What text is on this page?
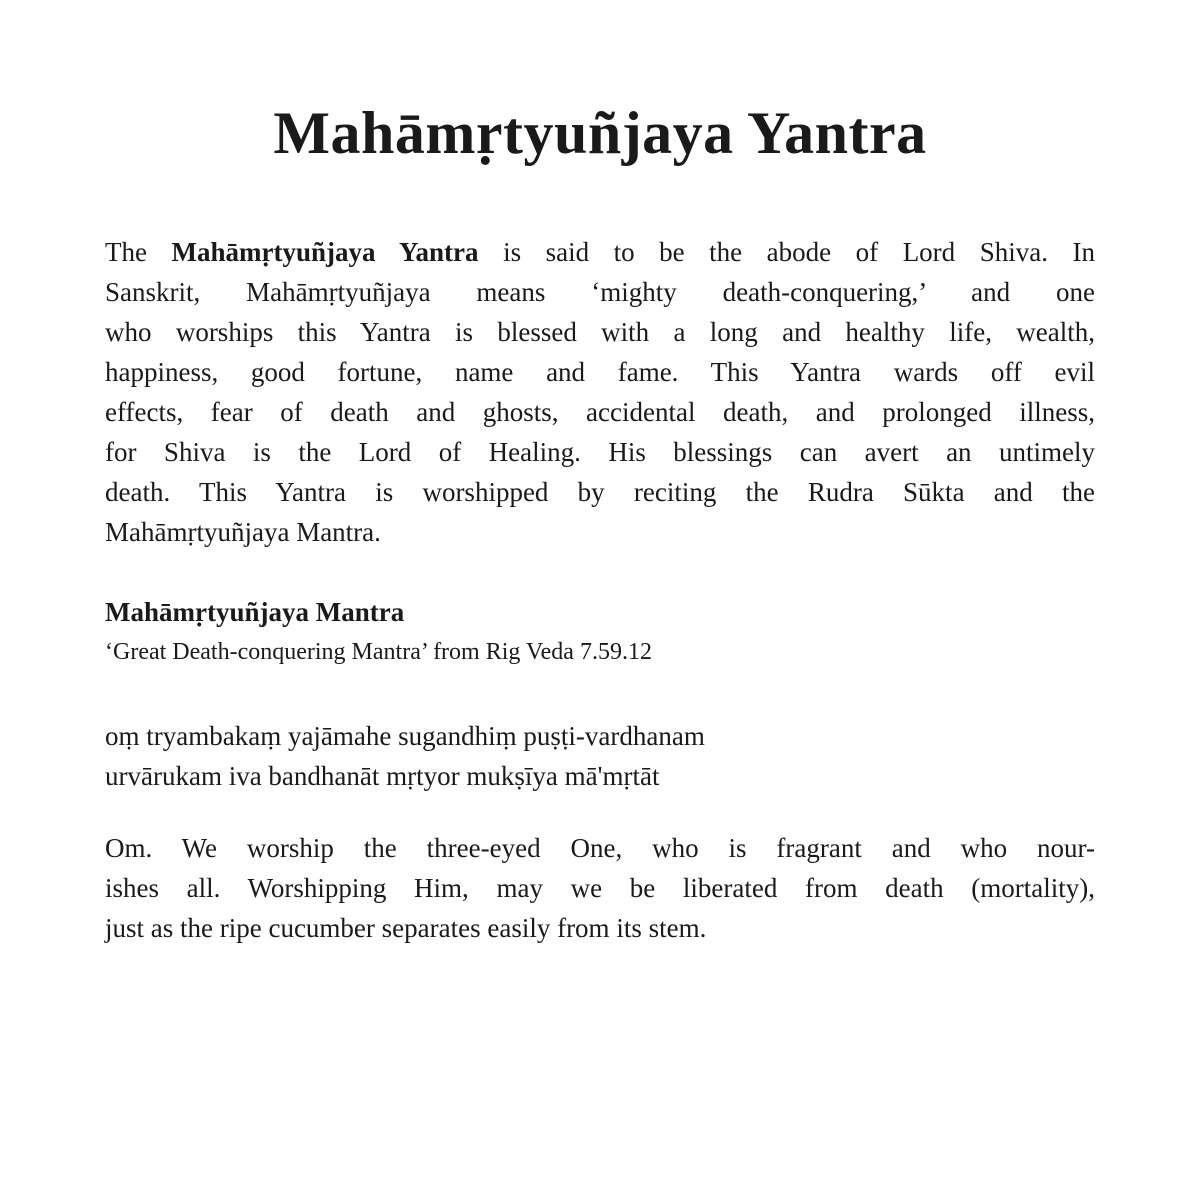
Mahāmṛtyuñjaya Yantra
The Mahāmṛtyuñjaya Yantra is said to be the abode of Lord Shiva. In
Sanskrit, Mahāmṛtyuñjaya means ‘mighty death-conquering,’ and one
who worships this Yantra is blessed with a long and healthy life, wealth,
happiness, good fortune, name and fame. This Yantra wards off evil
effects, fear of death and ghosts, accidental death, and prolonged illness,
for Shiva is the Lord of Healing. His blessings can avert an untimely
death. This Yantra is worshipped by reciting the Rudra Sūkta and the
Mahāmṛtyuñjaya Mantra.
Mahāmṛtyuñjaya Mantra
‘Great Death-conquering Mantra’ from Rig Veda 7.59.12
oṃ tryambakaṃ yajāmahe sugandhiṃ puṣṭi-vardhanam
urvārukam iva bandhanāt mṛtyor mukṣīya mā'mṛtāt
Om. We worship the three-eyed One, who is fragrant and who nour-
ishes all. Worshipping Him, may we be liberated from death (mortality),
just as the ripe cucumber separates easily from its stem.
